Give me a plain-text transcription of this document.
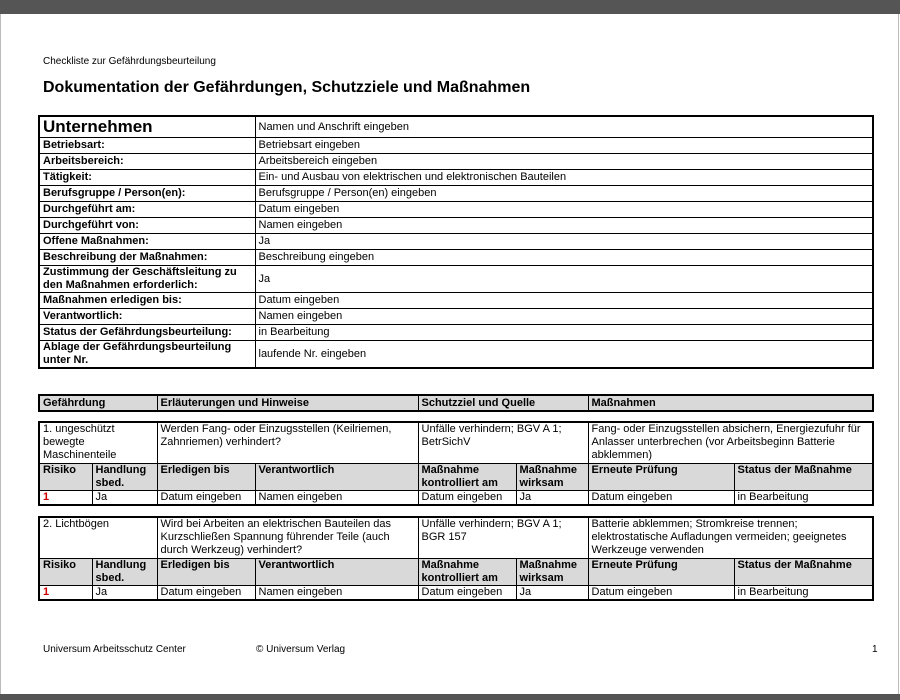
Checkliste zur Gefährdungsbeurteilung
Dokumentation der Gefährdungen, Schutzziele und Maßnahmen
Unternehmen	Namen und Anschrift eingeben
Betriebsart:	Betriebsart eingeben
Arbeitsbereich:	Arbeitsbereich eingeben
Tätigkeit:	Ein- und Ausbau von elektrischen und elektronischen Bauteilen
Berufsgruppe / Person(en):	Berufsgruppe / Person(en) eingeben
Durchgeführt am:	Datum eingeben
Durchgeführt von:	Namen eingeben
Offene Maßnahmen:	Ja
Beschreibung der Maßnahmen:	Beschreibung eingeben
Zustimmung der Geschäftsleitung zu den Maßnahmen erforderlich:	Ja
Maßnahmen erledigen bis:	Datum eingeben
Verantwortlich:	Namen eingeben
Status der Gefährdungsbeurteilung:	in Bearbeitung
Ablage der Gefährdungsbeurteilung unter Nr.	laufende Nr. eingeben
Gefährdung	Erläuterungen und Hinweise	Schutzziel und Quelle	Maßnahmen
1. ungeschützt bewegte Maschinenteile		Werden Fang- oder Einzugsstellen (Keilriemen, Zahnriemen) verhindert?		Unfälle verhindern; BGV A 1; BetrSichV		Fang- oder Einzugsstellen absichern, Energiezufuhr für Anlasser unterbrechen (vor Arbeitsbeginn Batterie abklemmen)	
Risiko	Handlung sbed.	Erledigen bis	Verantwortlich	Maßnahme kontrolliert am	Maßnahme wirksam	Erneute Prüfung	Status der Maßnahme
1	Ja	Datum eingeben	Namen eingeben	Datum eingeben	Ja	Datum eingeben	in Bearbeitung
2. Lichtbögen		Wird bei Arbeiten an elektrischen Bauteilen das Kurzschließen Spannung führender Teile (auch durch Werkzeug) verhindert?		Unfälle verhindern; BGV A 1; BGR 157		Batterie abklemmen; Stromkreise trennen; elektrostatische Aufladungen vermeiden; geeignetes Werkzeuge verwenden	
Risiko	Handlung sbed.	Erledigen bis	Verantwortlich	Maßnahme kontrolliert am	Maßnahme wirksam	Erneute Prüfung	Status der Maßnahme
1	Ja	Datum eingeben	Namen eingeben	Datum eingeben	Ja	Datum eingeben	in Bearbeitung
Universum Arbeitsschutz Center	© Universum Verlag	1
